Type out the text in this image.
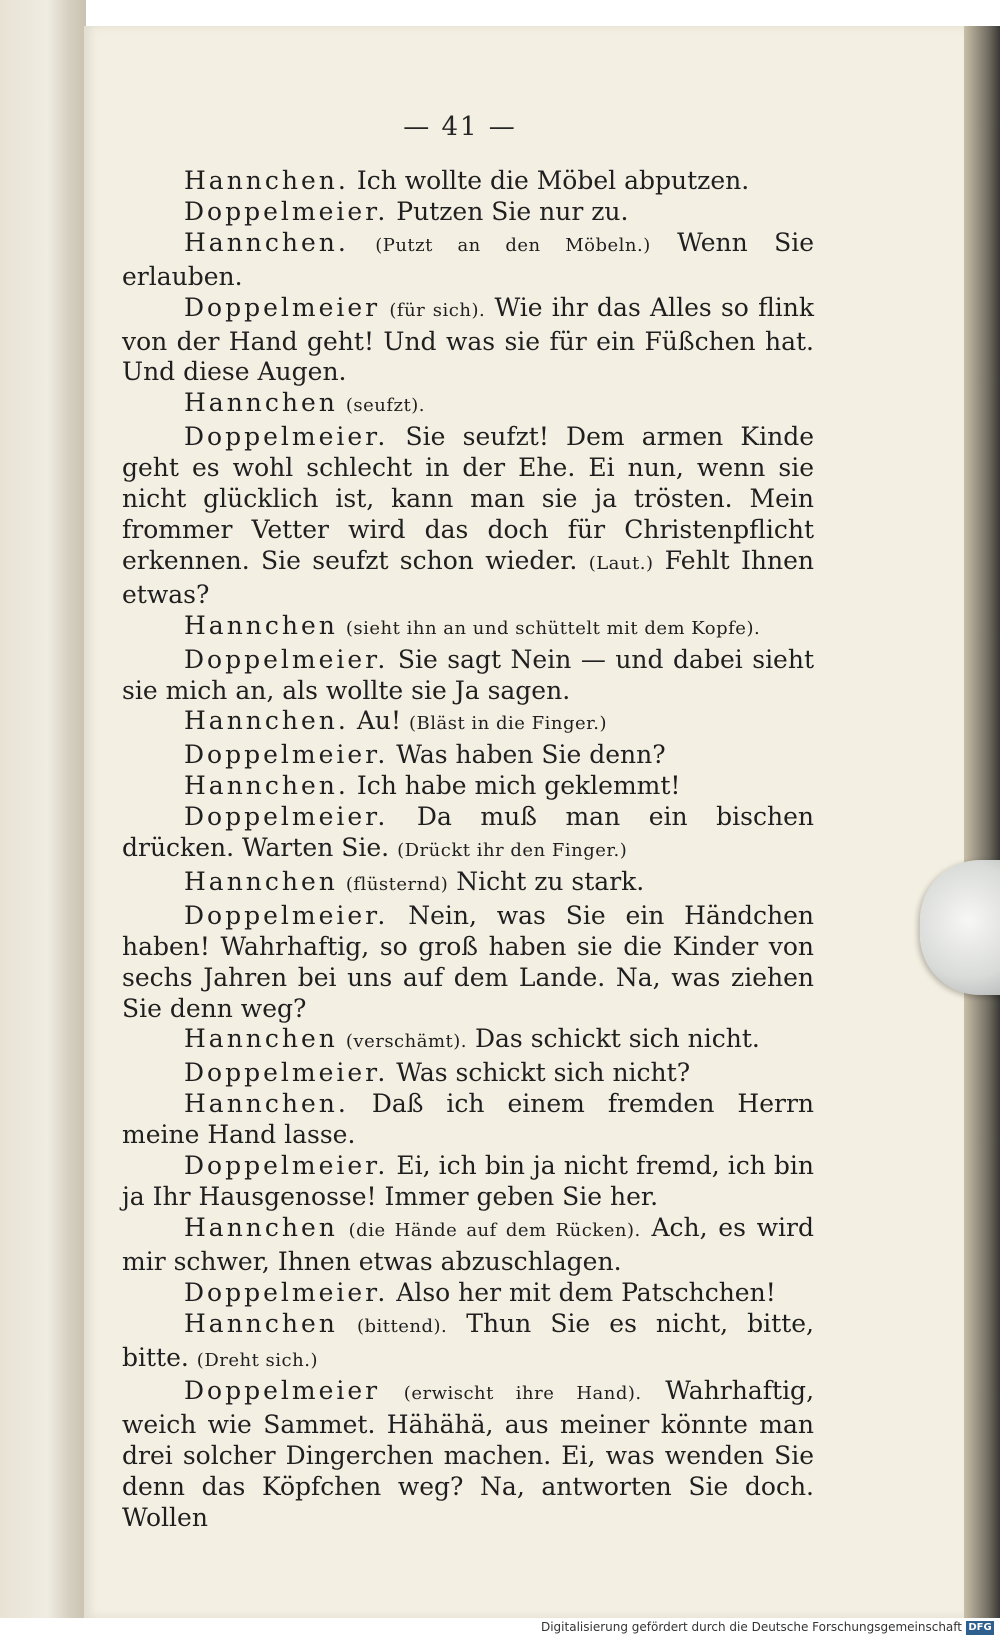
— 41 —

Hannchen. Ich wollte die Möbel abputzen.

Doppelmeier. Putzen Sie nur zu.

Hannchen. (Putzt an den Möbeln.) Wenn Sie erlauben.

Doppelmeier (für sich). Wie ihr das Alles so flink von der Hand geht! Und was sie für ein Füßchen hat. Und diese Augen.

Hannchen (seufzt).

Doppelmeier. Sie seufzt! Dem armen Kinde geht es wohl schlecht in der Ehe. Ei nun, wenn sie nicht glücklich ist, kann man sie ja trösten. Mein frommer Vetter wird das doch für Christenpflicht erkennen. Sie seufzt schon wieder. (Laut.) Fehlt Ihnen etwas?

Hannchen (sieht ihn an und schüttelt mit dem Kopfe).

Doppelmeier. Sie sagt Nein — und dabei sieht sie mich an, als wollte sie Ja sagen.

Hannchen. Au! (Bläst in die Finger.)

Doppelmeier. Was haben Sie denn?

Hannchen. Ich habe mich geklemmt!

Doppelmeier. Da muß man ein bischen drücken. Warten Sie. (Drückt ihr den Finger.)

Hannchen (flüsternd) Nicht zu stark.

Doppelmeier. Nein, was Sie ein Händchen haben! Wahrhaftig, so groß haben sie die Kinder von sechs Jahren bei uns auf dem Lande. Na, was ziehen Sie denn weg?

Hannchen (verschämt). Das schickt sich nicht.

Doppelmeier. Was schickt sich nicht?

Hannchen. Daß ich einem fremden Herrn meine Hand lasse.

Doppelmeier. Ei, ich bin ja nicht fremd, ich bin ja Ihr Hausgenosse! Immer geben Sie her.

Hannchen (die Hände auf dem Rücken). Ach, es wird mir schwer, Ihnen etwas abzuschlagen.

Doppelmeier. Also her mit dem Patschchen!

Hannchen (bittend). Thun Sie es nicht, bitte, bitte. (Dreht sich.)

Doppelmeier (erwischt ihre Hand). Wahrhaftig, weich wie Sammet. Hähähä, aus meiner könnte man drei solcher Dingerchen machen. Ei, was wenden Sie denn das Köpfchen weg? Na, antworten Sie doch. Wollen

Digitalisierung gefördert durch die Deutsche Forschungsgemeinschaft DFG
